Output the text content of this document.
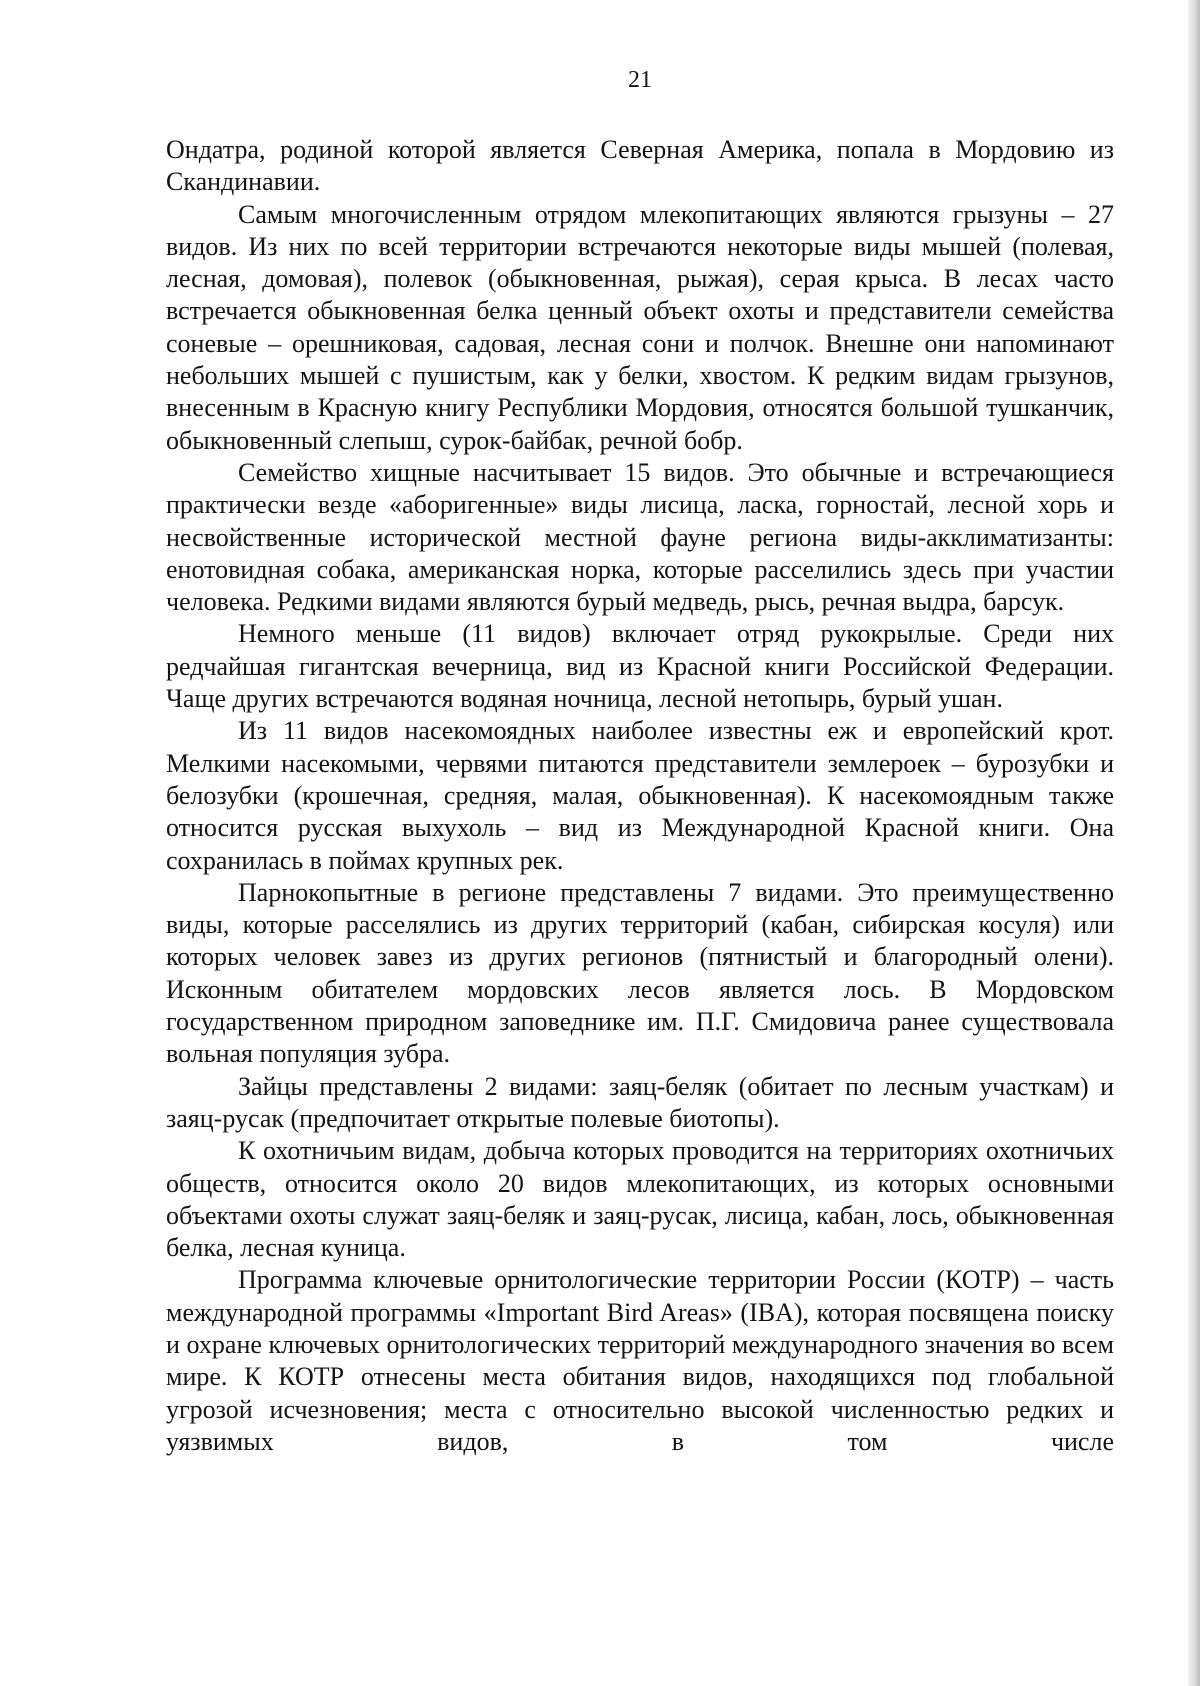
21

Ондатра, родиной которой является Северная Америка, попала в Мордовию из Скандинавии.

Самым многочисленным отрядом млекопитающих являются грызуны – 27 видов. Из них по всей территории встречаются некоторые виды мышей (полевая, лесная, домовая), полевок (обыкновенная, рыжая), серая крыса. В лесах часто встречается обыкновенная белка ценный объект охоты и представители семейства соневые – орешниковая, садовая, лесная сони и полчок. Внешне они напоминают небольших мышей с пушистым, как у белки, хвостом. К редким видам грызунов, внесенным в Красную книгу Республики Мордовия, относятся большой тушканчик, обыкновенный слепыш, сурок-байбак, речной бобр.

Семейство хищные насчитывает 15 видов. Это обычные и встречающиеся практически везде «аборигенные» виды лисица, ласка, горностай, лесной хорь и несвойственные исторической местной фауне региона виды-акклиматизанты: енотовидная собака, американская норка, которые расселились здесь при участии человека. Редкими видами являются бурый медведь, рысь, речная выдра, барсук.

Немного меньше (11 видов) включает отряд рукокрылые. Среди них редчайшая гигантская вечерница, вид из Красной книги Российской Федерации. Чаще других встречаются водяная ночница, лесной нетопырь, бурый ушан.

Из 11 видов насекомоядных наиболее известны еж и европейский крот. Мелкими насекомыми, червями питаются представители землероек – бурозубки и белозубки (крошечная, средняя, малая, обыкновенная). К насекомоядным также относится русская выхухоль – вид из Международной Красной книги. Она сохранилась в поймах крупных рек.

Парнокопытные в регионе представлены 7 видами. Это преимущественно виды, которые расселялись из других территорий (кабан, сибирская косуля) или которых человек завез из других регионов (пятнистый и благородный олени). Исконным обитателем мордовских лесов является лось. В Мордовском государственном природном заповеднике им. П.Г. Смидовича ранее существовала вольная популяция зубра.

Зайцы представлены 2 видами: заяц-беляк (обитает по лесным участкам) и заяц-русак (предпочитает открытые полевые биотопы).

К охотничьим видам, добыча которых проводится на территориях охотничьих обществ, относится около 20 видов млекопитающих, из которых основными объектами охоты служат заяц-беляк и заяц-русак, лисица, кабан, лось, обыкновенная белка, лесная куница.

Программа ключевые орнитологические территории России (КОТР) – часть международной программы «Important Bird Areas» (IBA), которая посвящена поиску и охране ключевых орнитологических территорий международного значения во всем мире. К КОТР отнесены места обитания видов, находящихся под глобальной угрозой исчезновения; места с относительно высокой численностью редких и уязвимых видов, в том числе
